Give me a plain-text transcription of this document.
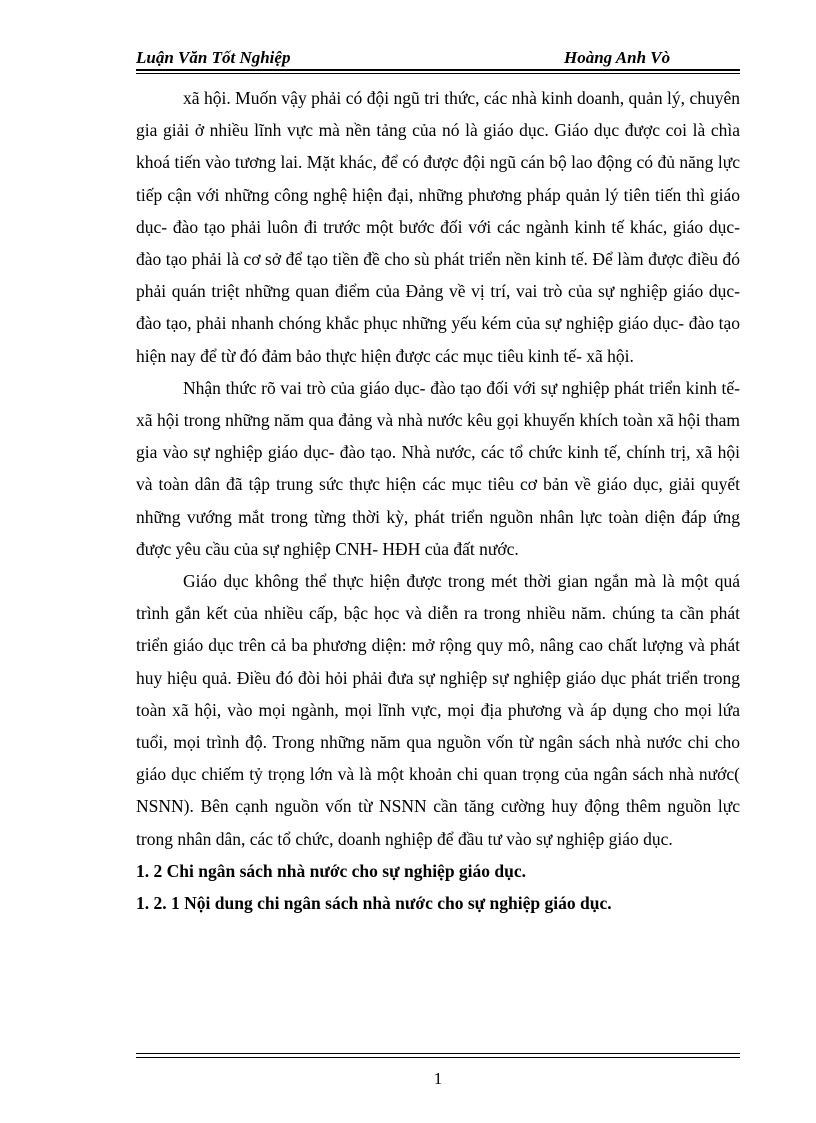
Luận Văn Tốt Nghiệp	Hoàng Anh Vò

xã hội. Muốn vậy phải có đội ngũ tri thức, các nhà kinh doanh, quản lý, chuyên gia giải ở nhiều lĩnh vực mà nền tảng của nó là giáo dục. Giáo dục được coi là chìa khoá tiến vào tương lai. Mặt khác, để có được đội ngũ cán bộ lao động có đủ năng lực tiếp cận với những công nghệ hiện đại, những phương pháp quản lý tiên tiến thì giáo dục- đào tạo phải luôn đi trước một bước đối với các ngành kinh tế khác, giáo dục- đào tạo phải là cơ sở để tạo tiền đề cho sù phát triển nền kinh tế. Để làm được điều đó phải quán triệt những quan điểm của Đảng về vị trí, vai trò của sự nghiệp giáo dục- đào tạo, phải nhanh chóng khắc phục những yếu kém của sự nghiệp giáo dục- đào tạo hiện nay để từ đó đảm bảo thực hiện được các mục tiêu kinh tế- xã hội.

Nhận thức rõ vai trò của giáo dục- đào tạo đối với sự nghiệp phát triển kinh tế- xã hội trong những năm qua đảng và nhà nước kêu gọi khuyến khích toàn xã hội tham gia vào sự nghiệp giáo dục- đào tạo. Nhà nước, các tổ chức kinh tế, chính trị, xã hội và toàn dân đã tập trung sức thực hiện các mục tiêu cơ bản về giáo dục, giải quyết những vướng mắt trong từng thời kỳ, phát triển nguồn nhân lực toàn diện đáp ứng được yêu cầu của sự nghiệp CNH- HĐH của đất nước.

Giáo dục không thể thực hiện được trong mét thời gian ngắn mà là một quá trình gắn kết của nhiều cấp, bậc học và diễn ra trong nhiều năm. chúng ta cần phát triển giáo dục trên cả ba phương diện: mở rộng quy mô, nâng cao chất lượng và phát huy hiệu quả. Điều đó đòi hỏi phải đưa sự nghiệp sự nghiệp giáo dục phát triển trong toàn xã hội, vào mọi ngành, mọi lĩnh vực, mọi địa phương và áp dụng cho mọi lứa tuổi, mọi trình độ. Trong những năm qua nguồn vốn từ ngân sách nhà nước chi cho giáo dục chiếm tỷ trọng lớn và là một khoản chi quan trọng của ngân sách nhà nước( NSNN). Bên cạnh nguồn vốn từ NSNN cần tăng cường huy động thêm nguồn lực trong nhân dân, các tổ chức, doanh nghiệp để đầu tư vào sự nghiệp giáo dục.

1. 2 Chi ngân sách nhà nước cho sự nghiệp giáo dục.
1. 2. 1 Nội dung chi ngân sách nhà nước cho sự nghiệp giáo dục.
1
